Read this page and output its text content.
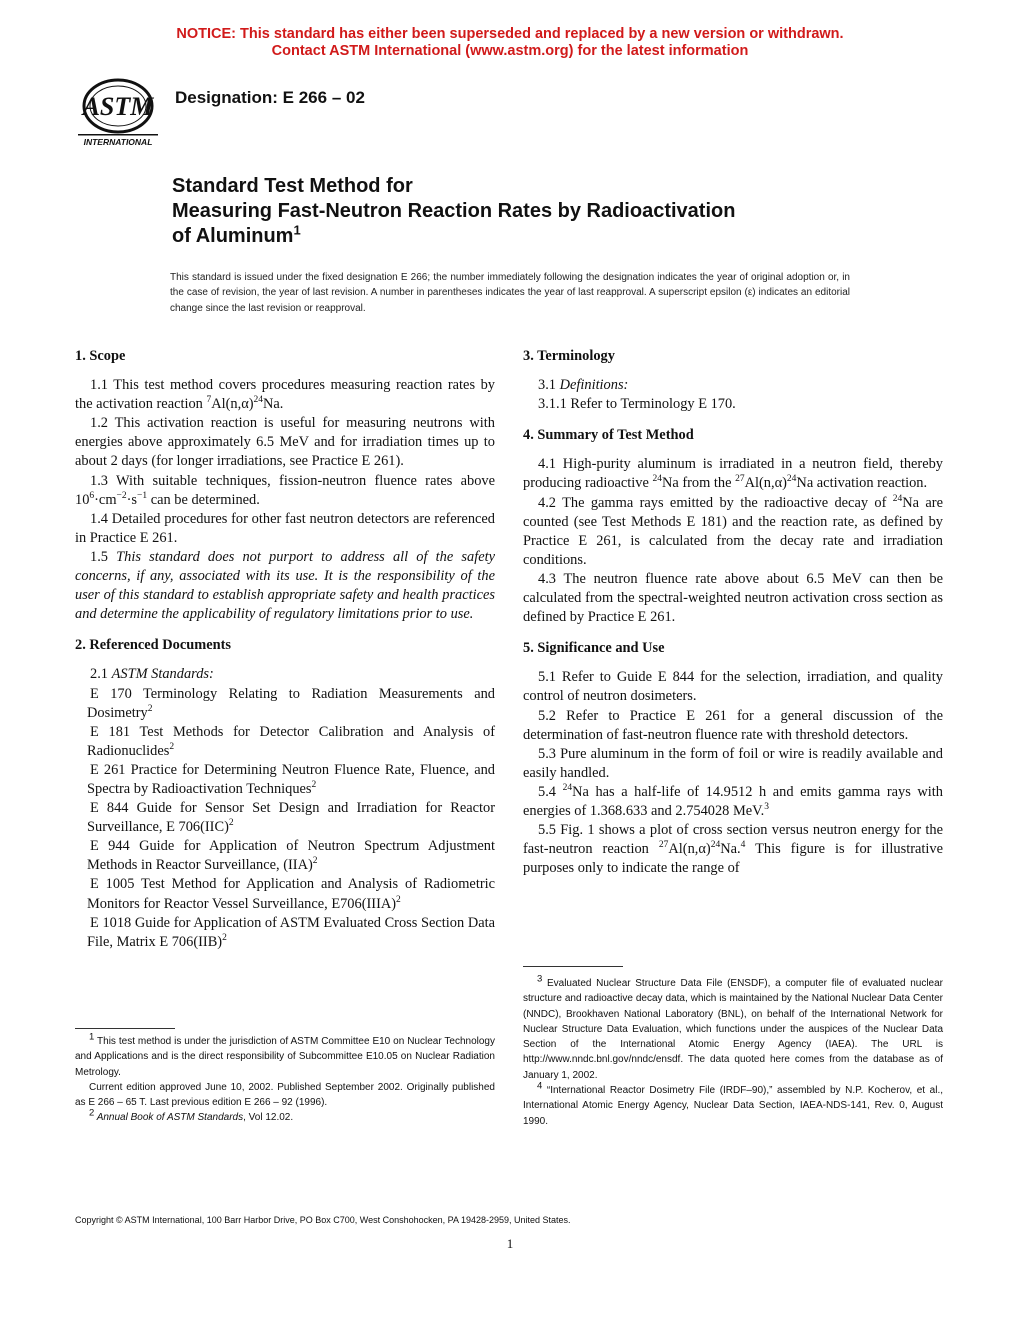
NOTICE: This standard has either been superseded and replaced by a new version or withdrawn.
Contact ASTM International (www.astm.org) for the latest information
ASTM
INTERNATIONAL
Designation: E 266 – 02
Standard Test Method for
Measuring Fast-Neutron Reaction Rates by Radioactivation
of Aluminum$^1$
This standard is issued under the fixed designation E 266; the number immediately following the designation indicates the year of original adoption or, in the case of revision, the year of last revision. A number in parentheses indicates the year of last reapproval. A superscript epsilon (ε) indicates an editorial change since the last revision or reapproval.

1. Scope

1.1 This test method covers procedures measuring reaction rates by the activation reaction $^7Al(n,\alpha)^{24}Na$.

1.2 This activation reaction is useful for measuring neutrons with energies above approximately 6.5 MeV and for irradiation times up to about 2 days (for longer irradiations, see Practice E 261).

1.3 With suitable techniques, fission-neutron fluence rates above $10^6\cdot cm^{-2}\cdot s^{-1}$ can be determined.

1.4 Detailed procedures for other fast neutron detectors are referenced in Practice E 261.

1.5 This standard does not purport to address all of the safety concerns, if any, associated with its use. It is the responsibility of the user of this standard to establish appropriate safety and health practices and determine the applicability of regulatory limitations prior to use.

2. Referenced Documents

2.1 ASTM Standards:

E 170 Terminology Relating to Radiation Measurements and Dosimetry$^2$

E 181 Test Methods for Detector Calibration and Analysis of Radionuclides$^2$

E 261 Practice for Determining Neutron Fluence Rate, Fluence, and Spectra by Radioactivation Techniques$^2$

E 844 Guide for Sensor Set Design and Irradiation for Reactor Surveillance, E 706(IIC)$^2$

E 944 Guide for Application of Neutron Spectrum Adjustment Methods in Reactor Surveillance, (IIA)$^2$

E 1005 Test Method for Application and Analysis of Radiometric Monitors for Reactor Vessel Surveillance, E706(IIIA)$^2$

E 1018 Guide for Application of ASTM Evaluated Cross Section Data File, Matrix E 706(IIB)$^2$

3. Terminology

3.1 Definitions:

3.1.1 Refer to Terminology E 170.

4. Summary of Test Method

4.1 High-purity aluminum is irradiated in a neutron field, thereby producing radioactive $^{24}$Na from the $^{27}Al(n,\alpha)^{24}Na$ activation reaction.

4.2 The gamma rays emitted by the radioactive decay of $^{24}$Na are counted (see Test Methods E 181) and the reaction rate, as defined by Practice E 261, is calculated from the decay rate and irradiation conditions.

4.3 The neutron fluence rate above about 6.5 MeV can then be calculated from the spectral-weighted neutron activation cross section as defined by Practice E 261.

5. Significance and Use

5.1 Refer to Guide E 844 for the selection, irradiation, and quality control of neutron dosimeters.

5.2 Refer to Practice E 261 for a general discussion of the determination of fast-neutron fluence rate with threshold detectors.

5.3 Pure aluminum in the form of foil or wire is readily available and easily handled.

5.4 $^{24}$Na has a half-life of 14.9512 h and emits gamma rays with energies of 1.368.633 and 2.754028 MeV.$^3$

5.5 Fig. 1 shows a plot of cross section versus neutron energy for the fast-neutron reaction $^{27}Al(n,\alpha)^{24}Na.^4$ This figure is for illustrative purposes only to indicate the range of

$^1$ This test method is under the jurisdiction of ASTM Committee E10 on Nuclear Technology and Applications and is the direct responsibility of Subcommittee E10.05 on Nuclear Radiation Metrology.

Current edition approved June 10, 2002. Published September 2002. Originally published as E 266 – 65 T. Last previous edition E 266 – 92 (1996).

$^2$ Annual Book of ASTM Standards, Vol 12.02.

$^3$ Evaluated Nuclear Structure Data File (ENSDF), a computer file of evaluated nuclear structure and radioactive decay data, which is maintained by the National Nuclear Data Center (NNDC), Brookhaven National Laboratory (BNL), on behalf of the International Network for Nuclear Structure Data Evaluation, which functions under the auspices of the Nuclear Data Section of the International Atomic Energy Agency (IAEA). The URL is http://www.nndc.bnl.gov/nndc/ensdf. The data quoted here comes from the database as of January 1, 2002.

$^4$ “International Reactor Dosimetry File (IRDF–90),” assembled by N.P. Kocherov, et al., International Atomic Energy Agency, Nuclear Data Section, IAEA-NDS-141, Rev. 0, August 1990.

Copyright © ASTM International, 100 Barr Harbor Drive, PO Box C700, West Conshohocken, PA 19428-2959, United States.
1
